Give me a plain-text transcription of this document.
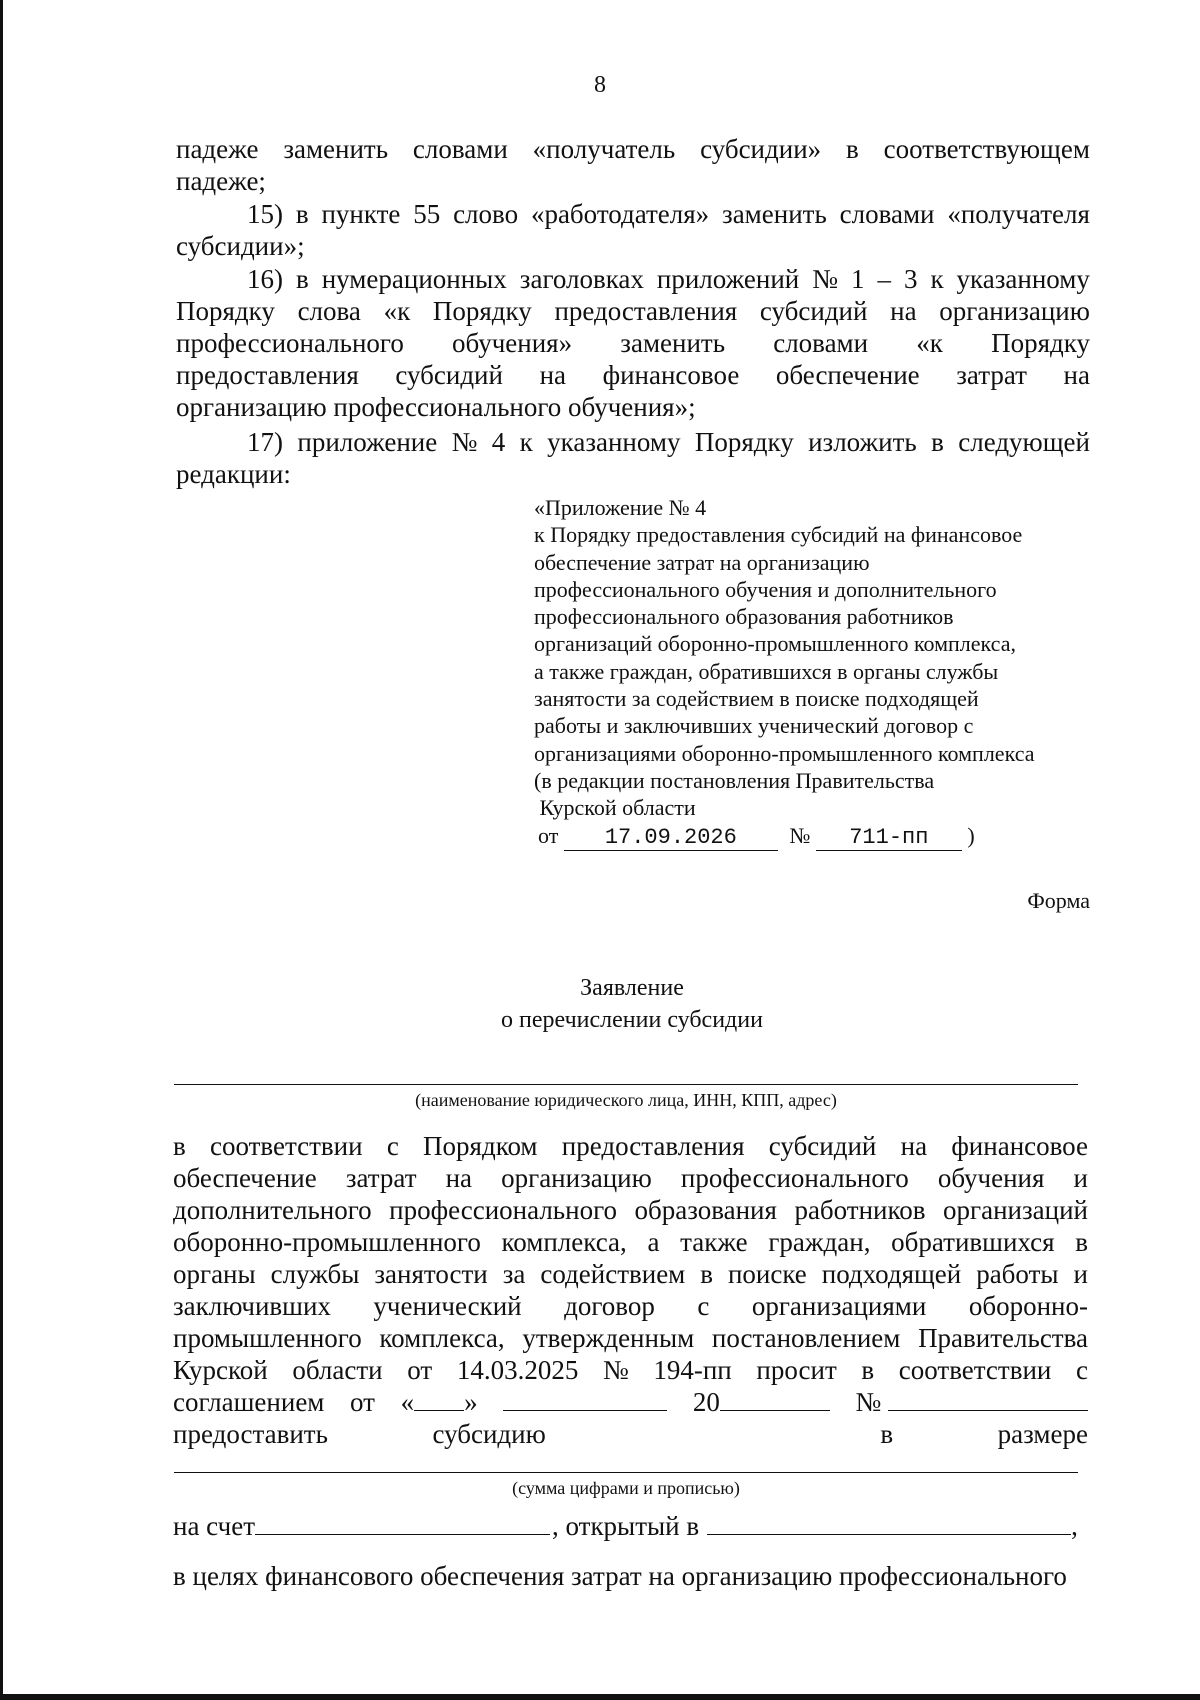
8
падеже заменить словами «получатель субсидии» в соответствующем
падеже;
15) в пункте 55 слово «работодателя» заменить словами «получателя
субсидии»;
16) в нумерационных заголовках приложений № 1 – 3 к указанному
Порядку слова «к Порядку предоставления субсидий на организацию
профессионального обучения» заменить словами «к Порядку
предоставления субсидий на финансовое обеспечение затрат на
организацию профессионального обучения»;
17) приложение № 4 к указанному Порядку изложить в следующей
редакции:
«Приложение № 4
к Порядку предоставления субсидий на финансовое
обеспечение затрат на организацию
профессионального обучения и дополнительного
профессионального образования работников
организаций оборонно-промышленного комплекса,
а также граждан, обратившихся в органы службы
занятости за содействием в поиске подходящей
работы и заключивших ученический договор с
организациями оборонно-промышленного комплекса
(в редакции постановления Правительства
Курской области
от 17.09.2026 № 711-пп )
Форма
Заявление
о перечислении субсидии
(наименование юридического лица, ИНН, КПП, адрес)
в соответствии с Порядком предоставления субсидий на финансовое
обеспечение затрат на организацию профессионального обучения и
дополнительного профессионального образования работников организаций
оборонно-промышленного комплекса, а также граждан, обратившихся в
органы службы занятости за содействием в поиске подходящей работы и
заключивших ученический договор с организациями оборонно-
промышленного комплекса, утвержденным постановлением Правительства
Курской области от 14.03.2025 № 194-пп просит в соответствии с
соглашением от « »	20	№
предоставить	субсидию	в	размере
(сумма цифрами и прописью)
на счет	, открытый в	,
в целях финансового обеспечения затрат на организацию профессионального
